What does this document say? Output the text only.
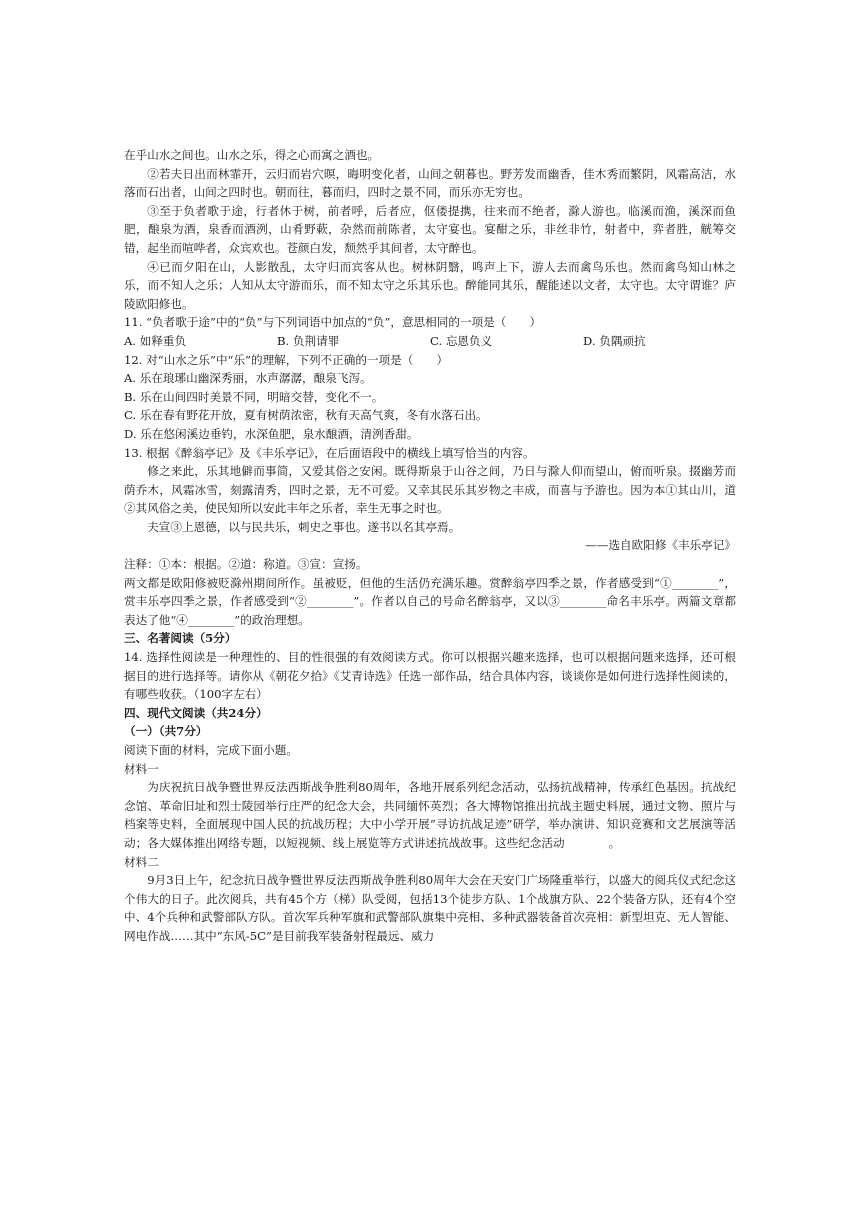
在乎山水之间也。山水之乐，得之心而寓之酒也。

②若夫日出而林霏开，云归而岩穴暝，晦明变化者，山间之朝暮也。野芳发而幽香，佳木秀而繁阴，风霜高洁，水落而石出者，山间之四时也。朝而往，暮而归，四时之景不同，而乐亦无穷也。

③至于负者歌于途，行者休于树，前者呼，后者应，伛偻提携，往来而不绝者，滁人游也。临溪而渔，溪深而鱼肥，酿泉为酒，泉香而酒洌，山肴野蔌，杂然而前陈者，太守宴也。宴酣之乐，非丝非竹，射者中，弈者胜，觥筹交错，起坐而喧哗者，众宾欢也。苍颜白发，颓然乎其间者，太守醉也。

④已而夕阳在山，人影散乱，太守归而宾客从也。树林阴翳，鸣声上下，游人去而禽鸟乐也。然而禽鸟知山林之乐，而不知人之乐；人知从太守游而乐，而不知太守之乐其乐也。醉能同其乐，醒能述以文者，太守也。太守谓谁？庐陵欧阳修也。

11. “负者歌于途”中的“负”与下列词语中加点的“负”，意思相同的一项是（　　）

A. 如释重负	B. 负荆请罪	C. 忘恩负义	D. 负隅顽抗

12. 对“山水之乐”中“乐”的理解，下列不正确的一项是（　　）

A. 乐在琅琊山幽深秀丽，水声潺潺，酿泉飞泻。

B. 乐在山间四时美景不同，明暗交替，变化不一。

C. 乐在春有野花开放，夏有树荫浓密，秋有天高气爽，冬有水落石出。

D. 乐在悠闲溪边垂钓，水深鱼肥，泉水酿酒，清洌香甜。

13. 根据《醉翁亭记》及《丰乐亭记》，在后面语段中的横线上填写恰当的内容。

修之来此，乐其地僻而事简，又爱其俗之安闲。既得斯泉于山谷之间，乃日与滁人仰而望山，俯而听泉。掇幽芳而荫乔木，风霜冰雪，刻露清秀，四时之景，无不可爱。又幸其民乐其岁物之丰成，而喜与予游也。因为本①其山川，道②其风俗之美，使民知所以安此丰年之乐者，幸生无事之时也。

夫宣③上恩德，以与民共乐，刺史之事也。遂书以名其亭焉。

——选自欧阳修《丰乐亭记》

注释：①本：根据。②道：称道。③宣：宣扬。

两文都是欧阳修被贬滁州期间所作。虽被贬，但他的生活仍充满乐趣。赏醉翁亭四季之景，作者感受到“①________”，赏丰乐亭四季之景，作者感受到“②________”。作者以自己的号命名醉翁亭，又以③________命名丰乐亭。两篇文章都表达了他“④________”的政治理想。

三、名著阅读（5分）

14. 选择性阅读是一种理性的、目的性很强的有效阅读方式。你可以根据兴趣来选择，也可以根据问题来选择，还可根据目的进行选择等。请你从《朝花夕拾》《艾青诗选》任选一部作品，结合具体内容，谈谈你是如何进行选择性阅读的，有哪些收获。（100字左右）

四、现代文阅读（共24分）

（一）（共7分）

阅读下面的材料，完成下面小题。

材料一

为庆祝抗日战争暨世界反法西斯战争胜利80周年，各地开展系列纪念活动，弘扬抗战精神，传承红色基因。抗战纪念馆、革命旧址和烈士陵园举行庄严的纪念大会，共同缅怀英烈；各大博物馆推出抗战主题史料展，通过文物、照片与档案等史料，全面展现中国人民的抗战历程；大中小学开展“寻访抗战足迹”研学，举办演讲、知识竞赛和文艺展演等活动；各大媒体推出网络专题，以短视频、线上展览等方式讲述抗战故事。这些纪念活动	。

材料二

9月3日上午，纪念抗日战争暨世界反法西斯战争胜利80周年大会在天安门广场隆重举行，以盛大的阅兵仪式纪念这个伟大的日子。此次阅兵，共有45个方（梯）队受阅，包括13个徒步方队、1个战旗方队、22个装备方队，还有4个空中、4个兵种和武警部队方队。首次军兵种军旗和武警部队旗集中亮相、多种武器装备首次亮相：新型坦克、无人智能、网电作战……其中“东风-5C”是目前我军装备射程最远、威力
